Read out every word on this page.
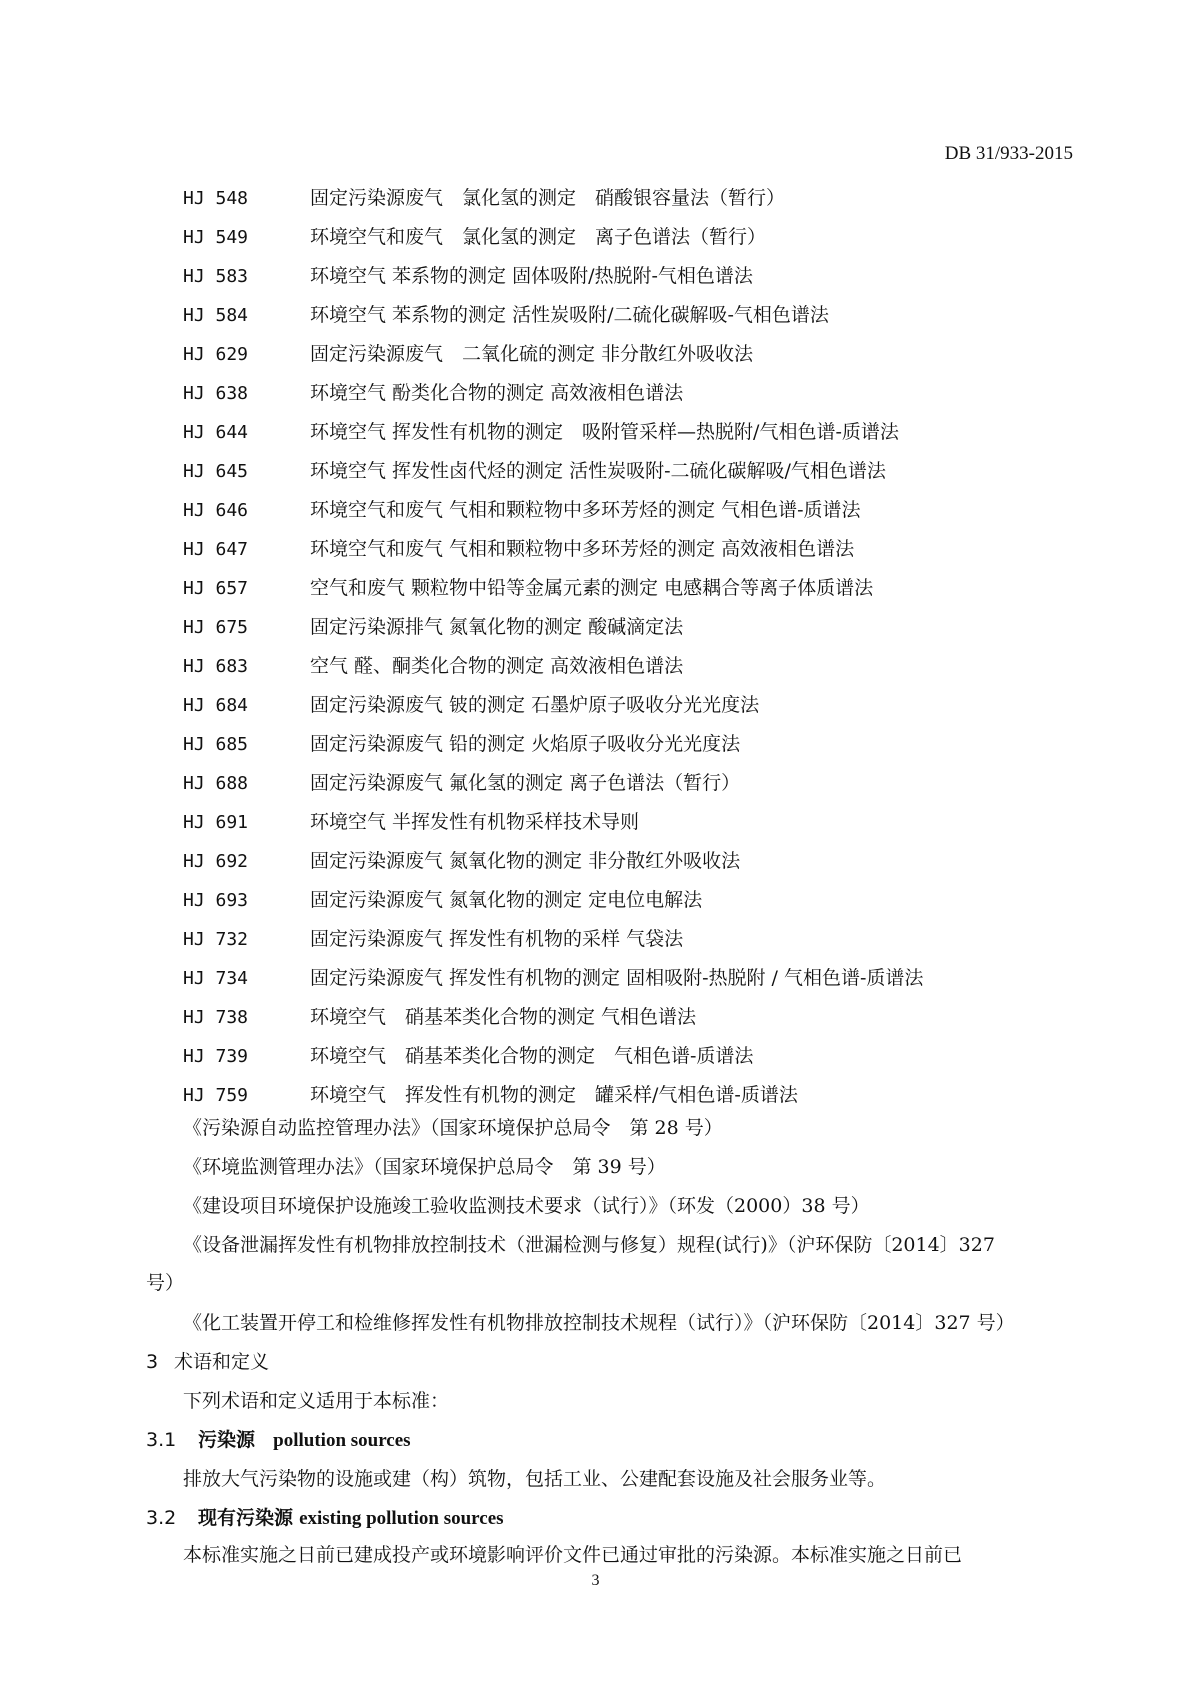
DB 31/933-2015
HJ 548	固定污染源废气　氯化氢的测定　硝酸银容量法（暂行）
HJ 549	环境空气和废气　氯化氢的测定　离子色谱法（暂行）
HJ 583	环境空气 苯系物的测定 固体吸附/热脱附-气相色谱法
HJ 584	环境空气 苯系物的测定 活性炭吸附/二硫化碳解吸-气相色谱法
HJ 629	固定污染源废气　二氧化硫的测定 非分散红外吸收法
HJ 638	环境空气 酚类化合物的测定 高效液相色谱法
HJ 644	环境空气 挥发性有机物的测定　吸附管采样—热脱附/气相色谱-质谱法
HJ 645	环境空气 挥发性卤代烃的测定 活性炭吸附-二硫化碳解吸/气相色谱法
HJ 646	环境空气和废气 气相和颗粒物中多环芳烃的测定 气相色谱-质谱法
HJ 647	环境空气和废气 气相和颗粒物中多环芳烃的测定 高效液相色谱法
HJ 657	空气和废气 颗粒物中铅等金属元素的测定 电感耦合等离子体质谱法
HJ 675	固定污染源排气 氮氧化物的测定 酸碱滴定法
HJ 683	空气 醛、酮类化合物的测定 高效液相色谱法
HJ 684	固定污染源废气 铍的测定 石墨炉原子吸收分光光度法
HJ 685	固定污染源废气 铅的测定 火焰原子吸收分光光度法
HJ 688	固定污染源废气 氟化氢的测定 离子色谱法（暂行）
HJ 691	环境空气 半挥发性有机物采样技术导则
HJ 692	固定污染源废气 氮氧化物的测定 非分散红外吸收法
HJ 693	固定污染源废气 氮氧化物的测定 定电位电解法
HJ 732	固定污染源废气 挥发性有机物的采样 气袋法
HJ 734	固定污染源废气 挥发性有机物的测定 固相吸附-热脱附 / 气相色谱-质谱法
HJ 738	环境空气　硝基苯类化合物的测定 气相色谱法
HJ 739	环境空气　硝基苯类化合物的测定　气相色谱-质谱法
HJ 759	环境空气　挥发性有机物的测定　罐采样/气相色谱-质谱法
《污染源自动监控管理办法》（国家环境保护总局令　第 28 号）
《环境监测管理办法》（国家环境保护总局令　第 39 号）
《建设项目环境保护设施竣工验收监测技术要求（试行）》（环发（2000）38 号）
《设备泄漏挥发性有机物排放控制技术（泄漏检测与修复）规程(试行)》（沪环保防〔2014〕327
号）
《化工装置开停工和检维修挥发性有机物排放控制技术规程（试行）》（沪环保防〔2014〕327 号）
3 术语和定义
下列术语和定义适用于本标准：
3.1 污染源 pollution sources
排放大气污染物的设施或建（构）筑物，包括工业、公建配套设施及社会服务业等。
3.2 现有污染源 existing pollution sources
本标准实施之日前已建成投产或环境影响评价文件已通过审批的污染源。本标准实施之日前已
3
